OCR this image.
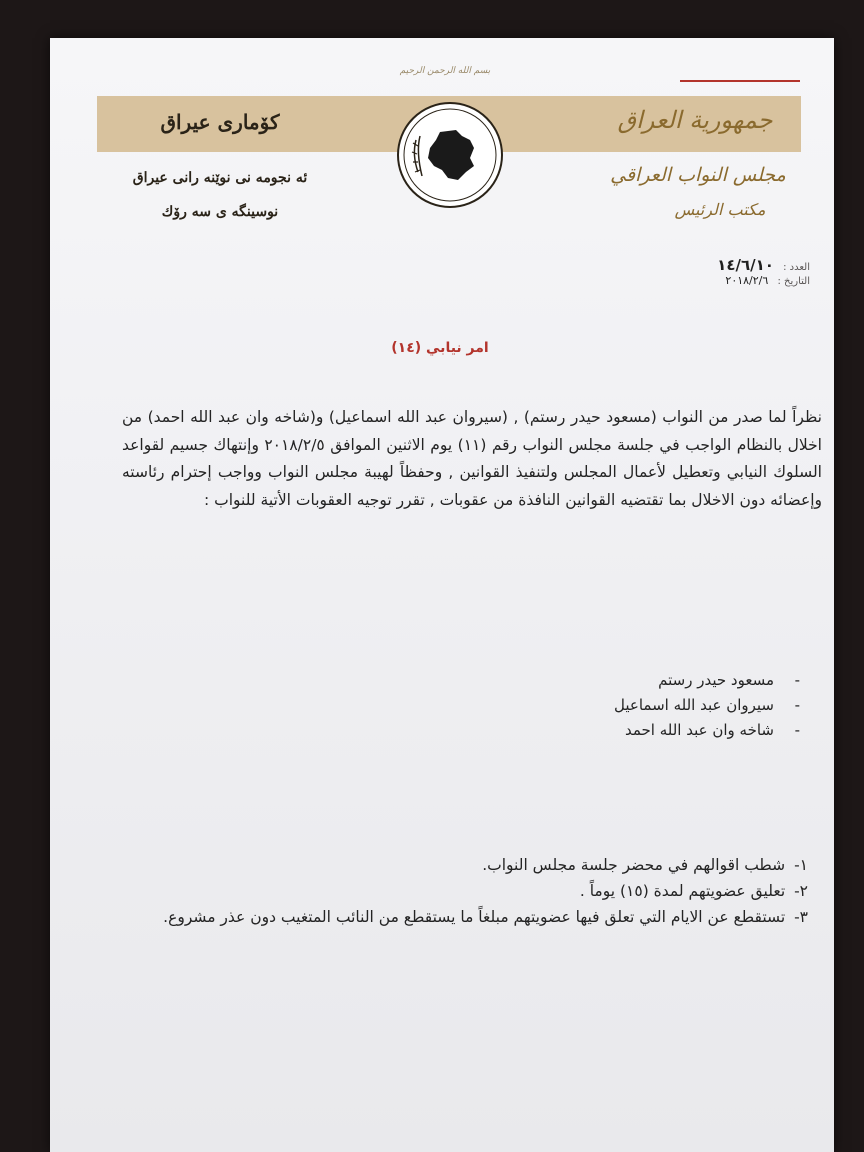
بسم الله الرحمن الرحيم
كۆماری عیراق	جمهورية العراق
ئه نجومه نی نوێنه رانی عیراق
نوسینگه ی سه رۆك
مجلس النواب العراقي
مكتب الرئيس
العدد : ١٤/٦/١٠
التاريخ : ٢٠١٨/٢/٦
امر نيابي (١٤)
نظراً لما صدر من النواب (مسعود حيدر رستم) , (سيروان عبد الله اسماعيل) و(شاخه وان عبد الله احمد) من اخلال بالنظام الواجب في جلسة مجلس النواب رقم (١١) يوم الاثنين الموافق ٢٠١٨/٢/٥ وإنتهاك جسيم لقواعد السلوك النيابي وتعطيل لأعمال المجلس ولتنفيذ القوانين , وحفظاً لهيبة مجلس النواب وواجب إحترام رئاسته وإعضائه دون الاخلال بما تقتضيه القوانين النافذة من عقوبات , تقرر توجيه العقوبات الأتية للنواب :
- مسعود حيدر رستم
- سيروان عبد الله اسماعيل
- شاخه وان عبد الله احمد
١- شطب اقوالهم في محضر جلسة مجلس النواب.
٢- تعليق عضويتهم لمدة (١٥) يوماً .
٣- تستقطع عن الايام التي تعلق فيها عضويتهم مبلغاً ما يستقطع من النائب المتغيب دون عذر مشروع.
